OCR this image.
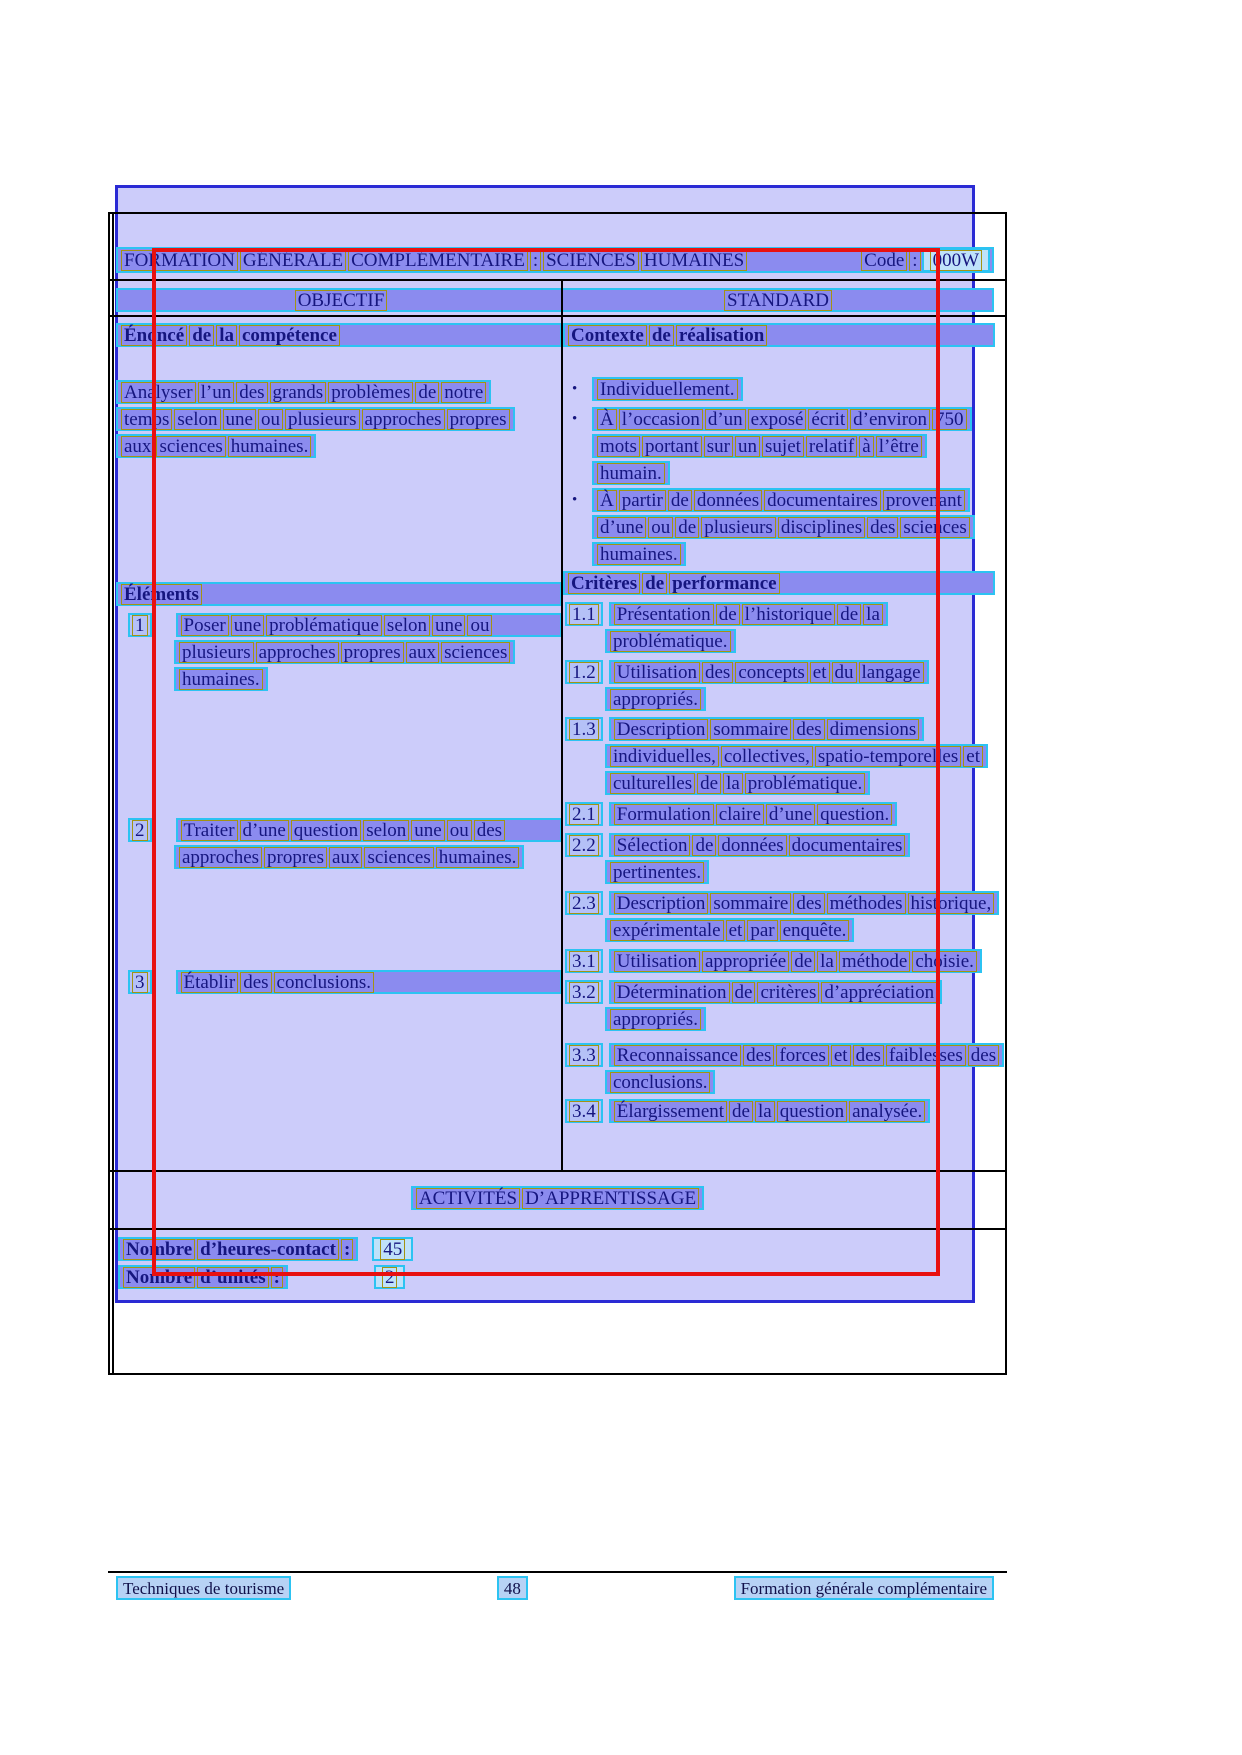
FORMATION GÉNÉRALE COMPLÉMENTAIRE : SCIENCES HUMAINES	Code : 000W
OBJECTIF	STANDARD
Énoncé de la compétence
Analyser l’un des grands problèmes de notre
temps selon une ou plusieurs approches propres
aux sciences humaines.
Éléments
1	Poser une problématique selon une ou
plusieurs approches propres aux sciences
humaines.
2	Traiter d’une question selon une ou des
approches propres aux sciences humaines.
3	Établir des conclusions.
Contexte de réalisation
•
Individuellement.
•
À l’occasion d’un exposé écrit d’environ 750
mots portant sur un sujet relatif à l’être
humain.
•
À partir de données documentaires provenant
d’une ou de plusieurs disciplines des sciences
humaines.
Critères de performance
1.1	Présentation de l’historique de la
problématique.
1.2	Utilisation des concepts et du langage
appropriés.
1.3	Description sommaire des dimensions
individuelles, collectives, spatio-temporelles et
culturelles de la problématique.
2.1	Formulation claire d’une question.
2.2	Sélection de données documentaires
pertinentes.
2.3	Description sommaire des méthodes historique,
expérimentale et par enquête.
3.1	Utilisation appropriée de la méthode choisie.
3.2	Détermination de critères d’appréciation
appropriés.
3.3	Reconnaissance des forces et des faiblesses des
conclusions.
3.4	Élargissement de la question analysée.
ACTIVITÉS D’APPRENTISSAGE
Nombre d’heures-contact :	45
Nombre d’unités :	2
Techniques de tourisme	48	Formation générale complémentaire
